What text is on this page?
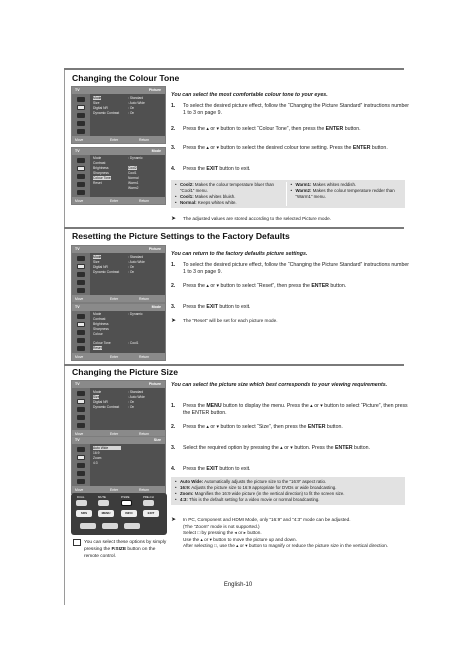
Changing the Colour Tone
TV	Picture
Mode
Size
Digital NR
Dynamic Contrast
: Standard
: Auto Wide
: On
: On
Move	Enter	Return
TV	Mode
Mode
Contrast
Brightness
Sharpness
Colour Tone
Reset
: Dynamic
Cool2
Cool1
Normal
Warm1
Warm2
Move	Enter	Return
You can select the most comfortable colour tone to your eyes.
1. To select the desired picture effect, follow the “Changing the Picture Standard” instructions number 1 to 3 on page 9.
2. Press the ▴ or ▾ button to select “Colour Tone”, then press the ENTER button.
3. Press the ▴ or ▾ button to select the desired colour tone setting. Press the ENTER button.
4. Press the EXIT button to exit.
• Cool2: Makes the colour temperature bluer than “Cool1” menu.
• Cool1: Makes whites bluish.
• Normal: Keeps whites white.
• Warm1: Makes whites reddish.
• Warm2: Makes the colour temperature redder than “Warm1” menu.
➤ The adjusted values are stored according to the selected Picture mode.
Resetting the Picture Settings to the Factory Defaults
TV	Picture
Mode
Size
Digital NR
Dynamic Contrast
: Standard
: Auto Wide
: On
: On
Move	Enter	Return
TV	Mode
Mode
Contrast
Brightness
Sharpness
Colour
Colour Tone
Reset
: Dynamic
: Cool1
Move	Enter	Return
You can return to the factory defaults picture settings.
1. To select the desired picture effect, follow the “Changing the Picture Standard” instructions number 1 to 3 on page 9.
2. Press the ▴ or ▾ button to select “Reset”, then press the ENTER button.
3. Press the EXIT button to exit.
➤ The “Reset” will be set for each picture mode.
Changing the Picture Size
TV	Picture
Mode
Size
Digital NR
Dynamic Contrast
: Standard
: Auto Wide
: On
: On
Move	Enter	Return
TV	Size
Auto Wide
16:9
Zoom
4:3
Move	Enter	Return
DUAL	MUTE	P.SIZE	PRE-CH
SRS	MENU	INFO	EXIT
You can select these options by simply pressing the P.SIZE button on the remote control.
You can select the picture size which best corresponds to your viewing requirements.
1. Press the MENU button to display the menu. Press the ▴ or ▾ button to select “Picture”, then press the ENTER button.
2. Press the ▴ or ▾ button to select “Size”, then press the ENTER button.
3. Select the required option by pressing the ▴ or ▾ button. Press the ENTER button.
4. Press the EXIT button to exit.
• Auto Wide: Automatically adjusts the picture size to the “16:9” aspect ratio.
• 16:9: Adjusts the picture size to 16:9 appropriate for DVDs or wide broadcasting.
• Zoom: Magnifies the 16:9 wide picture (in the vertical direction) to fit the screen size.
• 4:3: This is the default setting for a video movie or normal broadcasting.
➤ In PC, Component and HDMI Mode, only “16:9” and “4:3” mode can be adjusted.
(The “Zoom” mode is not supported.)
Select □ by pressing the ◂ or ▸ button.
Use the ▴ or ▾ button to move the picture up and down.
After selecting □, use the ▴ or ▾ button to magnify or reduce the picture size in the vertical direction.
English-10
